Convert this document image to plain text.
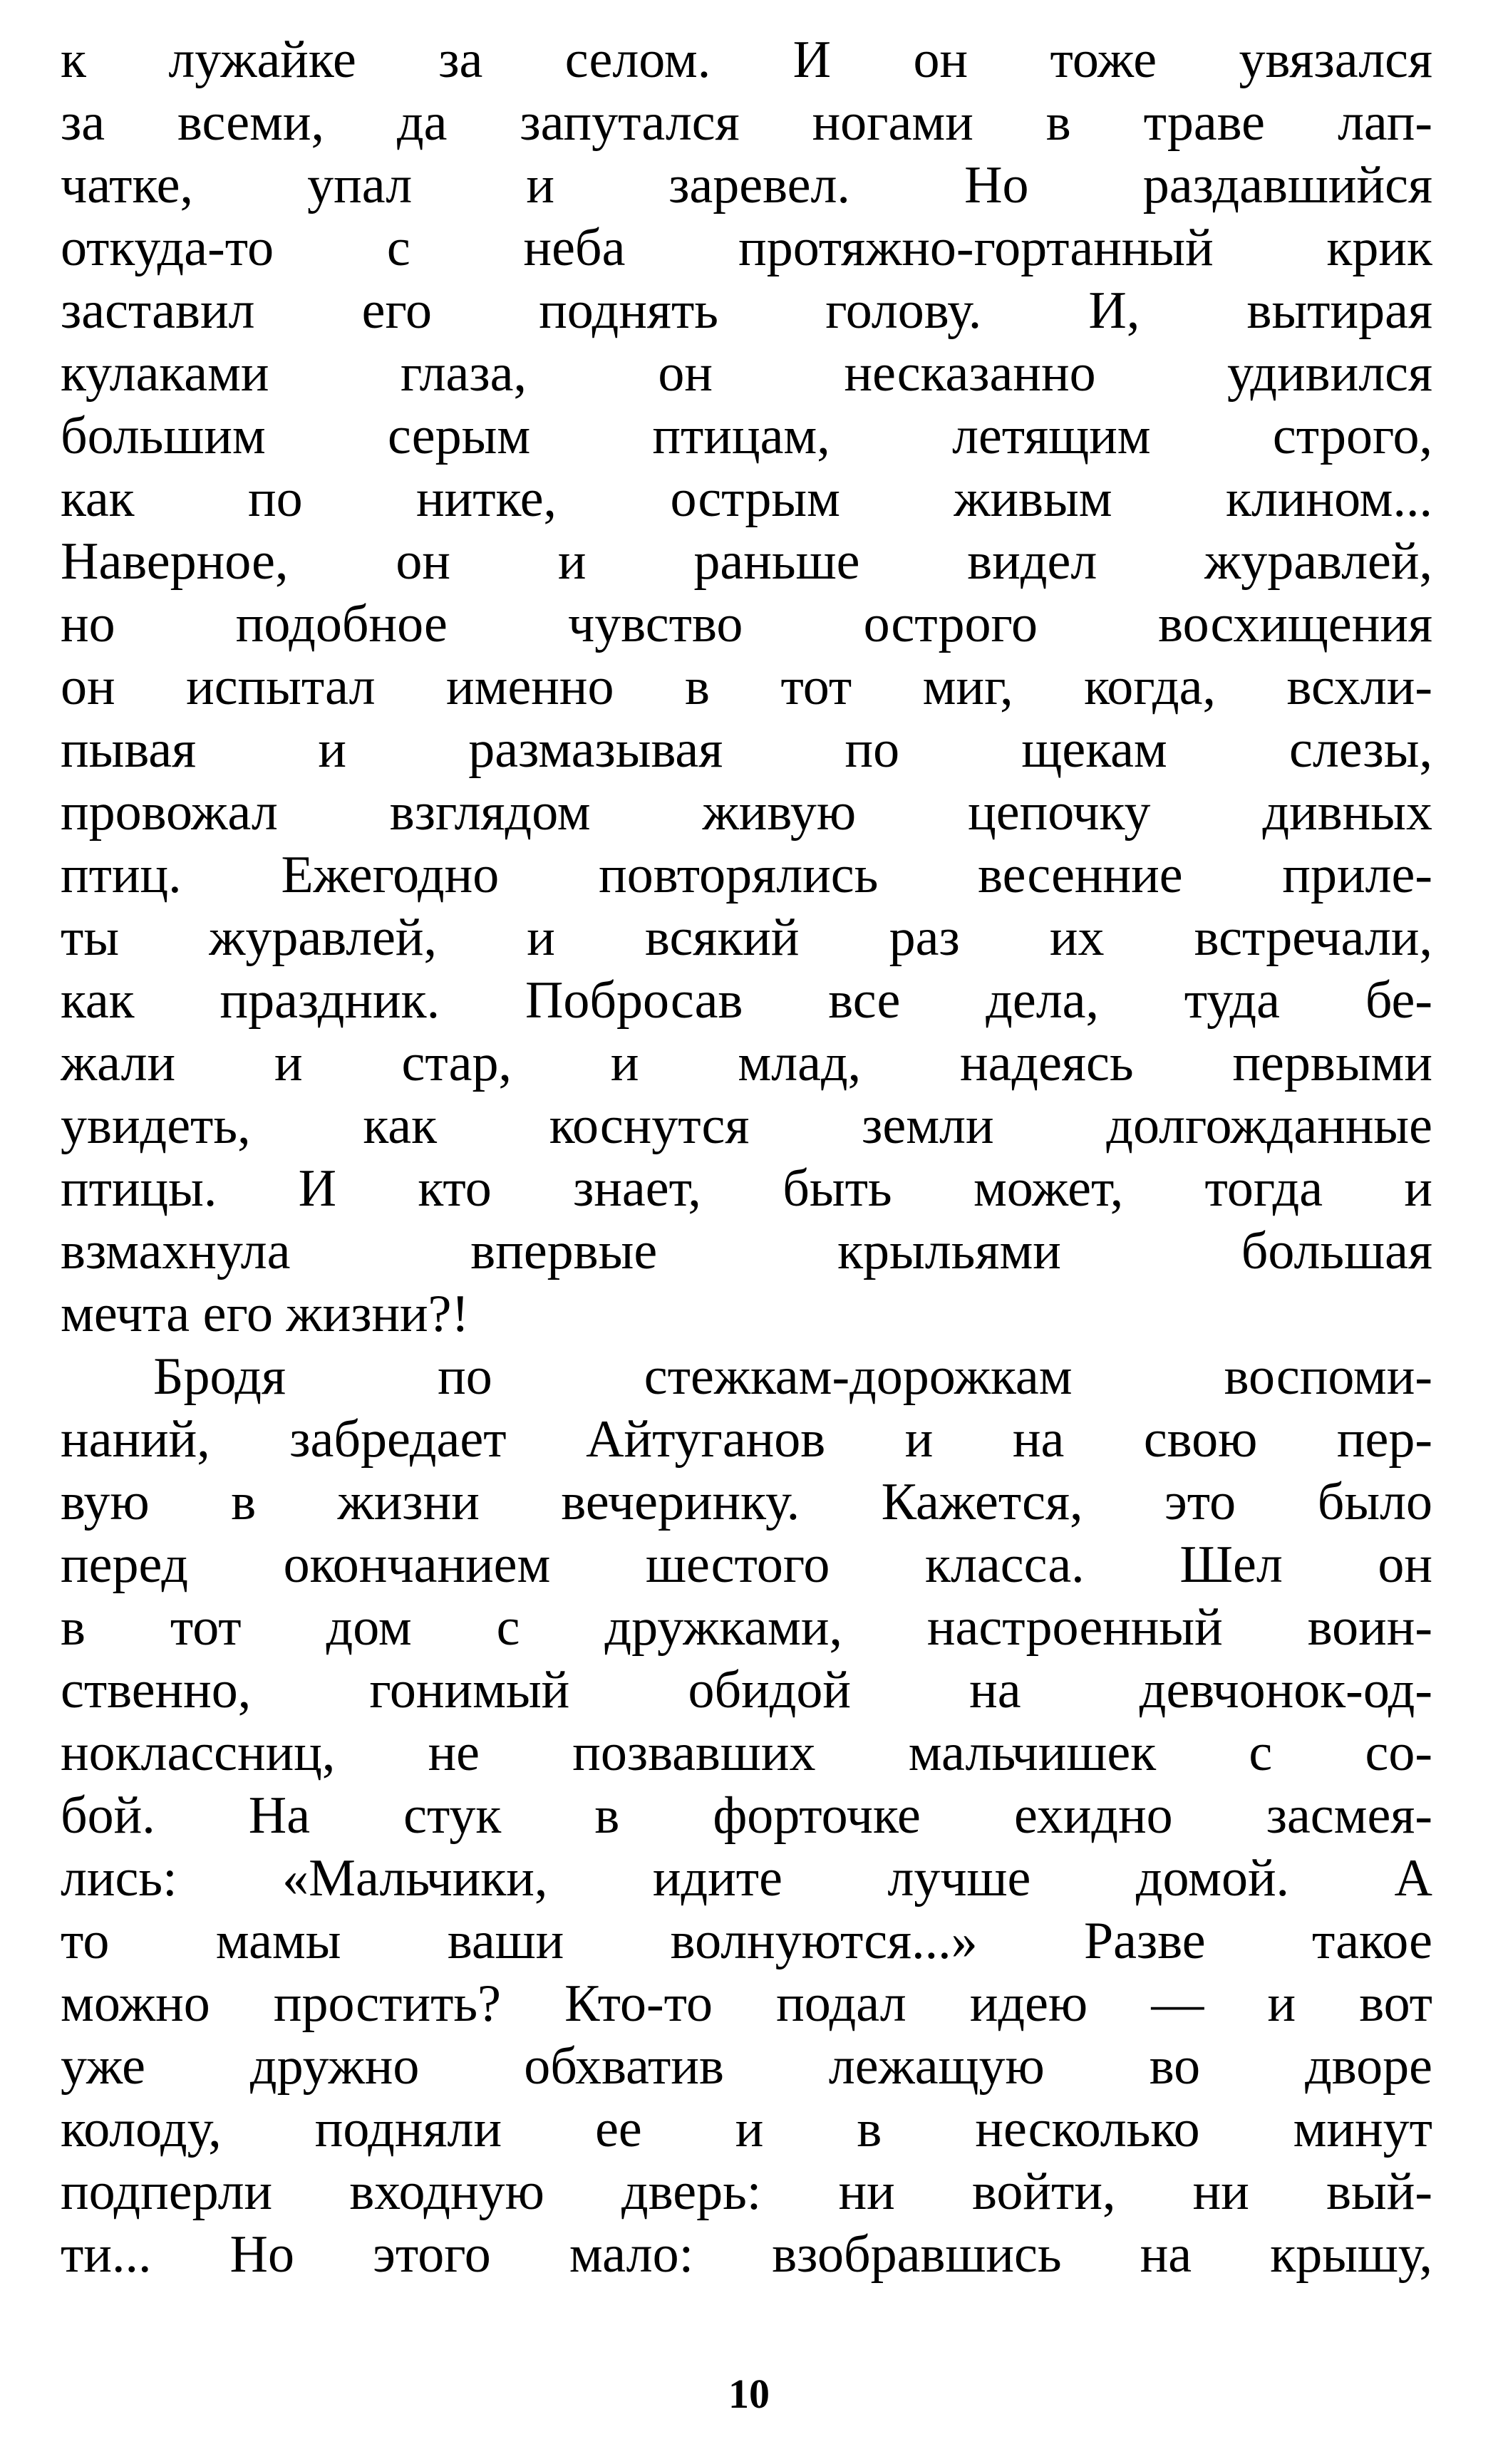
к лужайке за селом. И он тоже увязался
за всеми, да запутался ногами в траве лап-
чатке, упал и заревел. Но раздавшийся
откуда-то с неба протяжно-гортанный крик
заставил его поднять голову. И, вытирая
кулаками глаза, он несказанно удивился
большим серым птицам, летящим строго,
как по нитке, острым живым клином...
Наверное, он и раньше видел журавлей,
но подобное чувство острого восхищения
он испытал именно в тот миг, когда, всхли-
пывая и размазывая по щекам слезы,
провожал взглядом живую цепочку дивных
птиц. Ежегодно повторялись весенние приле-
ты журавлей, и всякий раз их встречали,
как праздник. Побросав все дела, туда бе-
жали и стар, и млад, надеясь первыми
увидеть, как коснутся земли долгожданные
птицы. И кто знает, быть может, тогда и
взмахнула впервые крыльями большая
мечта его жизни?!
Бродя по стежкам-дорожкам воспоми-
наний, забредает Айтуганов и на свою пер-
вую в жизни вечеринку. Кажется, это было
перед окончанием шестого класса. Шел он
в тот дом с дружками, настроенный воин-
ственно, гонимый обидой на девчонок-од-
ноклассниц, не позвавших мальчишек с со-
бой. На стук в форточке ехидно засмея-
лись: «Мальчики, идите лучше домой. А
то мамы ваши волнуются...» Разве такое
можно простить? Кто-то подал идею — и вот
уже дружно обхватив лежащую во дворе
колоду, подняли ее и в несколько минут
подперли входную дверь: ни войти, ни вый-
ти... Но этого мало: взобравшись на крышу,
10
